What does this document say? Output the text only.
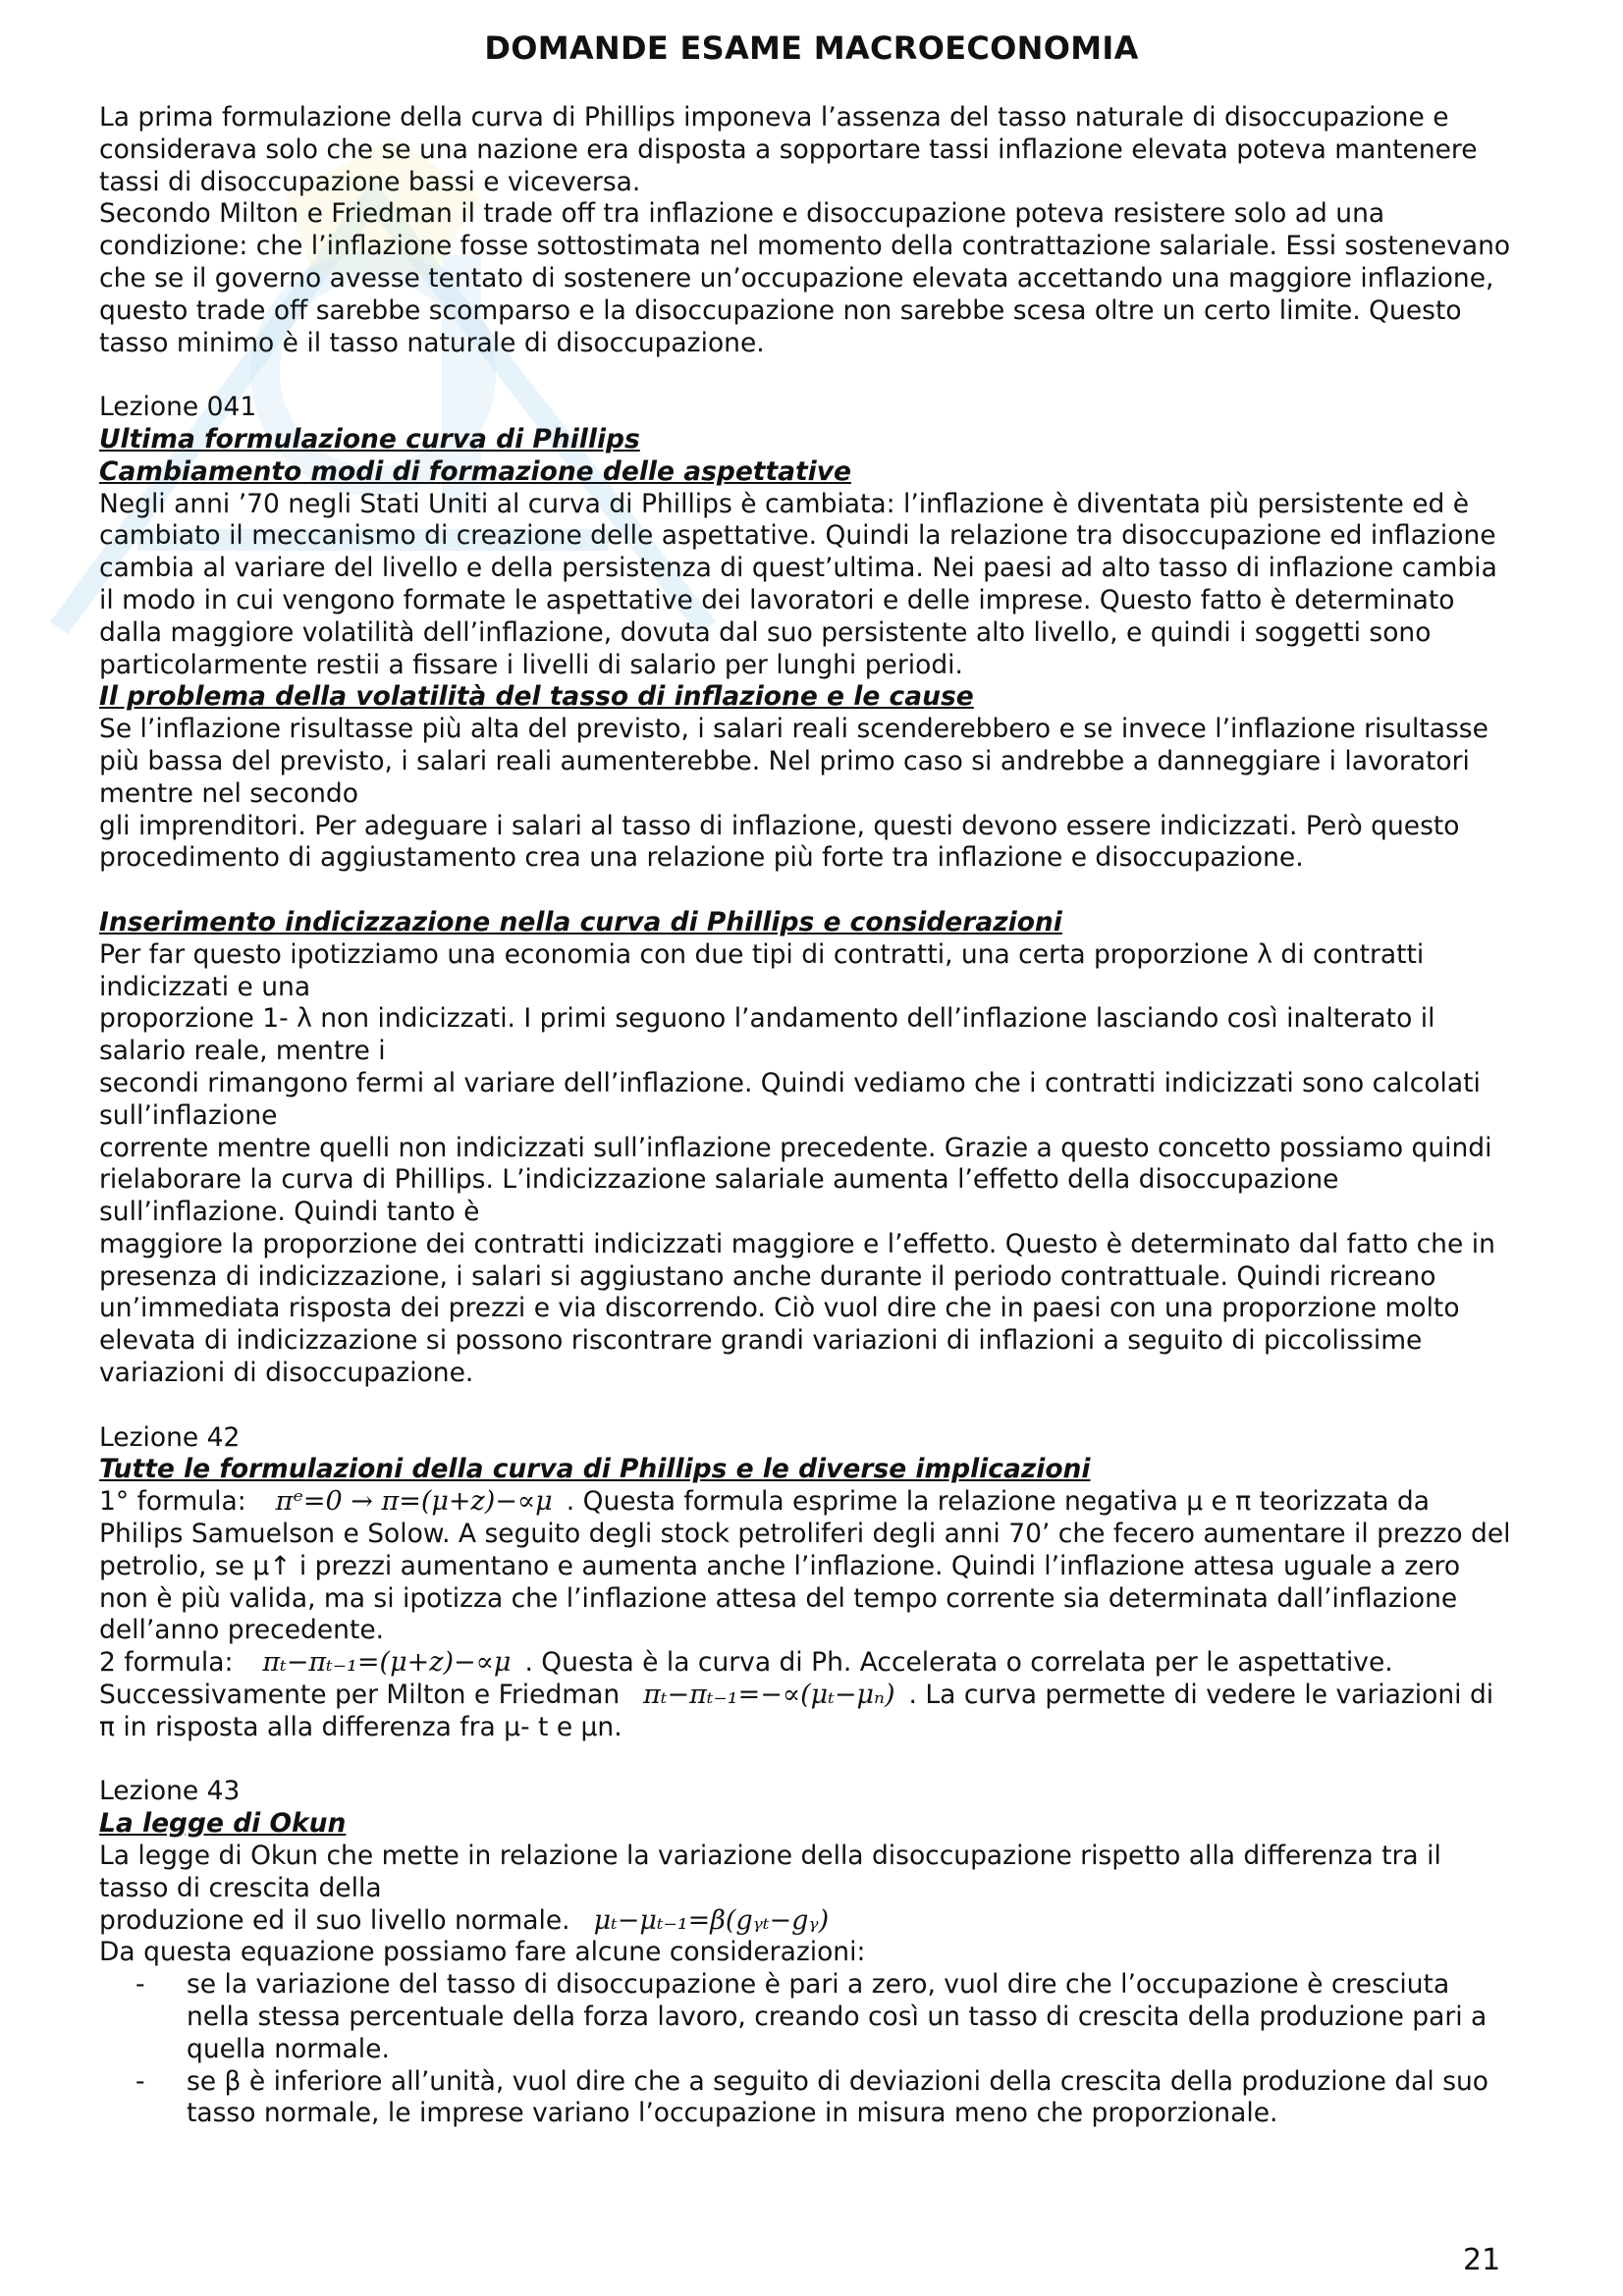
DOMANDE ESAME MACROECONOMIA

La prima formulazione della curva di Phillips imponeva l’assenza del tasso naturale di disoccupazione e considerava solo che se una nazione era disposta a sopportare tassi inflazione elevata poteva mantenere tassi di disoccupazione bassi e viceversa.

Secondo Milton e Friedman il trade off tra inflazione e disoccupazione poteva resistere solo ad una condizione: che l’inflazione fosse sottostimata nel momento della contrattazione salariale. Essi sostenevano che se il governo avesse tentato di sostenere un’occupazione elevata accettando una maggiore inflazione, questo trade off sarebbe scomparso e la disoccupazione non sarebbe scesa oltre un certo limite. Questo tasso minimo è il tasso naturale di disoccupazione.

Lezione 041

Ultima formulazione curva di Phillips

Cambiamento modi di formazione delle aspettative

Negli anni ’70 negli Stati Uniti al curva di Phillips è cambiata: l’inflazione è diventata più persistente ed è cambiato il meccanismo di creazione delle aspettative. Quindi la relazione tra disoccupazione ed inflazione cambia al variare del livello e della persistenza di quest’ultima. Nei paesi ad alto tasso di inflazione cambia il modo in cui vengono formate le aspettative dei lavoratori e delle imprese. Questo fatto è determinato dalla maggiore volatilità dell’inflazione, dovuta dal suo persistente alto livello, e quindi i soggetti sono particolarmente restii a fissare i livelli di salario per lunghi periodi.

Il problema della volatilità del tasso di inflazione e le cause

Se l’inflazione risultasse più alta del previsto, i salari reali scenderebbero e se invece l’inflazione risultasse più bassa del previsto, i salari reali aumenterebbe. Nel primo caso si andrebbe a danneggiare i lavoratori mentre nel secondo

gli imprenditori. Per adeguare i salari al tasso di inflazione, questi devono essere indicizzati. Però questo procedimento di aggiustamento crea una relazione più forte tra inflazione e disoccupazione.

Inserimento indicizzazione nella curva di Phillips e considerazioni

Per far questo ipotizziamo una economia con due tipi di contratti, una certa proporzione λ di contratti indicizzati e una

proporzione 1- λ non indicizzati. I primi seguono l’andamento dell’inflazione lasciando così inalterato il salario reale, mentre i

secondi rimangono fermi al variare dell’inflazione. Quindi vediamo che i contratti indicizzati sono calcolati sull’inflazione

corrente mentre quelli non indicizzati sull’inflazione precedente. Grazie a questo concetto possiamo quindi rielaborare la curva di Phillips. L’indicizzazione salariale aumenta l’effetto della disoccupazione sull’inflazione. Quindi tanto è

maggiore la proporzione dei contratti indicizzati maggiore e l’effetto. Questo è determinato dal fatto che in presenza di indicizzazione, i salari si aggiustano anche durante il periodo contrattuale. Quindi ricreano un’immediata risposta dei prezzi e via discorrendo. Ciò vuol dire che in paesi con una proporzione molto elevata di indicizzazione si possono riscontrare grandi variazioni di inflazioni a seguito di piccolissime variazioni di disoccupazione.

Lezione 42

Tutte le formulazioni della curva di Phillips e le diverse implicazioni

1° formula: πᵉ=0 → π=(μ+z)−∝μ . Questa formula esprime la relazione negativa μ e π teorizzata da Philips Samuelson e Solow. A seguito degli stock petroliferi degli anni 70’ che fecero aumentare il prezzo del petrolio, se μ↑ i prezzi aumentano e aumenta anche l’inflazione. Quindi l’inflazione attesa uguale a zero non è più valida, ma si ipotizza che l’inflazione attesa del tempo corrente sia determinata dall’inflazione dell’anno precedente.

2 formula: πₜ−πₜ₋₁=(μ+z)−∝μ . Questa è la curva di Ph. Accelerata o correlata per le aspettative.

Successivamente per Milton e Friedman πₜ−πₜ₋₁=−∝(μₜ−μₙ) . La curva permette di vedere le variazioni di π in risposta alla differenza fra μ- t e μn.

Lezione 43

La legge di Okun

La legge di Okun che mette in relazione la variazione della disoccupazione rispetto alla differenza tra il tasso di crescita della

produzione ed il suo livello normale. μₜ−μₜ₋₁=β(gᵧₜ−gᵧ)

Da questa equazione possiamo fare alcune considerazioni:

- se la variazione del tasso di disoccupazione è pari a zero, vuol dire che l’occupazione è cresciuta nella stessa percentuale della forza lavoro, creando così un tasso di crescita della produzione pari a quella normale.
- se β è inferiore all’unità, vuol dire che a seguito di deviazioni della crescita della produzione dal suo tasso normale, le imprese variano l’occupazione in misura meno che proporzionale.
21
